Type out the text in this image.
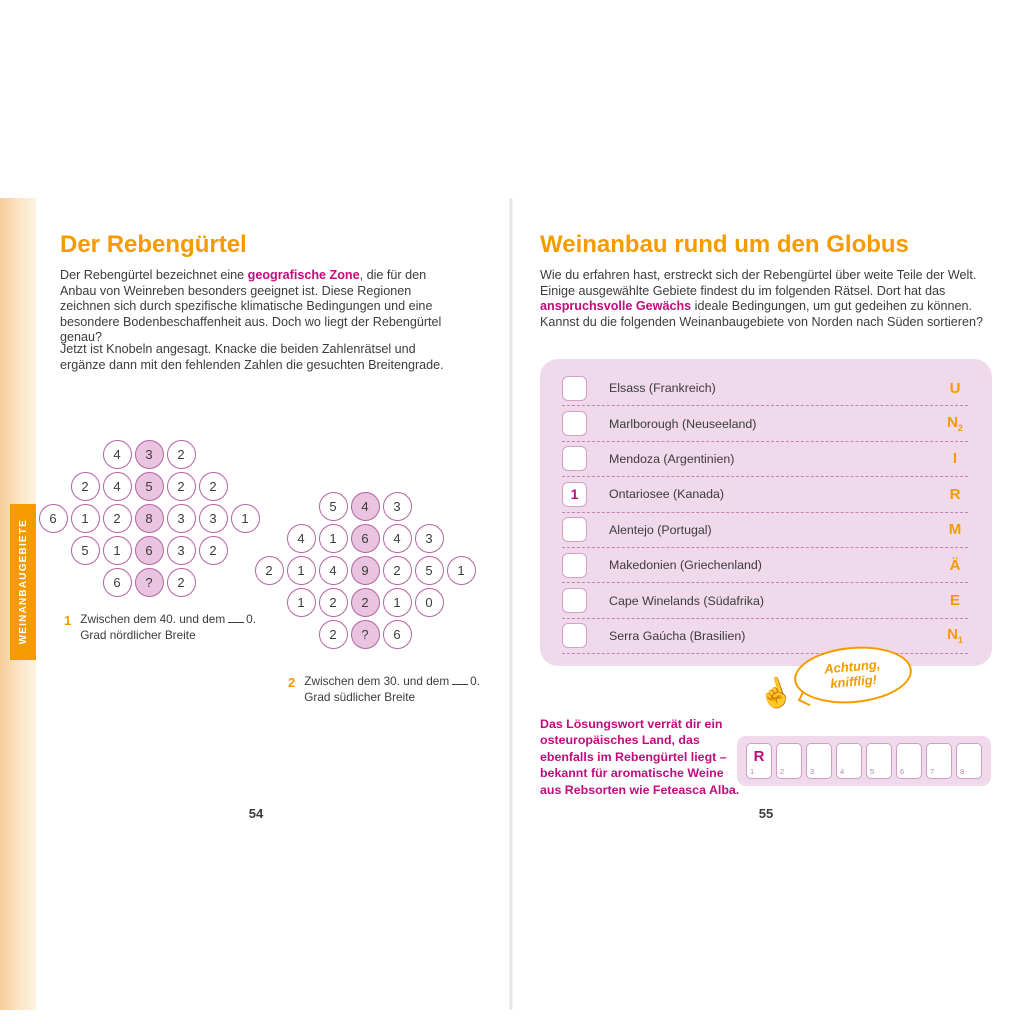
WEINANBAUGEBIETE
Der Rebengürtel

Der Rebengürtel bezeichnet eine geografische Zone, die für den Anbau von Weinreben besonders geeignet ist. Diese Regionen zeichnen sich durch spezifische klimatische Bedingungen und eine besondere Bodenbeschaffenheit aus. Doch wo liegt der Rebengürtel genau?

Jetzt ist Knobeln angesagt. Knacke die beiden Zahlenrätsel und ergänze dann mit den fehlenden Zahlen die gesuchten Breitengrade.

4	3	2
2	4	5	2	2
6	1	2	8	3	3	1
5	1	6	3	2
6	?	2
5	4	3
4	1	6	4	3
2	1	4	9	2	5	1
1	2	2	1	0
2	?	6
1 Zwischen dem 40. und dem 0.
Grad nördlicher Breite
2 Zwischen dem 30. und dem 0.
Grad südlicher Breite
54
Weinanbau rund um den Globus

Wie du erfahren hast, erstreckt sich der Rebengürtel über weite Teile der Welt. Einige ausgewählte Gebiete findest du im folgenden Rätsel. Dort hat das anspruchsvolle Gewächs ideale Bedingungen, um gut gedeihen zu können. Kannst du die folgenden Weinanbaugebiete von Norden nach Süden sortieren?

Elsass (Frankreich)	U
Marlborough (Neuseeland)	$N_2$
Mendoza (Argentinien)	I
1	Ontariosee (Kanada)	R
Alentejo (Portugal)	M
Makedonien (Griechenland)	Ä
Cape Winelands (Südafrika)	E
Serra Gaúcha (Brasilien)	$N_1$
☝
Achtung,
knifflig!

Das Lösungswort verrät dir ein osteuropäisches Land, das ebenfalls im Rebengürtel liegt – bekannt für aromatische Weine aus Rebsorten wie Feteasca Alba.

1
R
2	3	4	5	6	7	8
55
